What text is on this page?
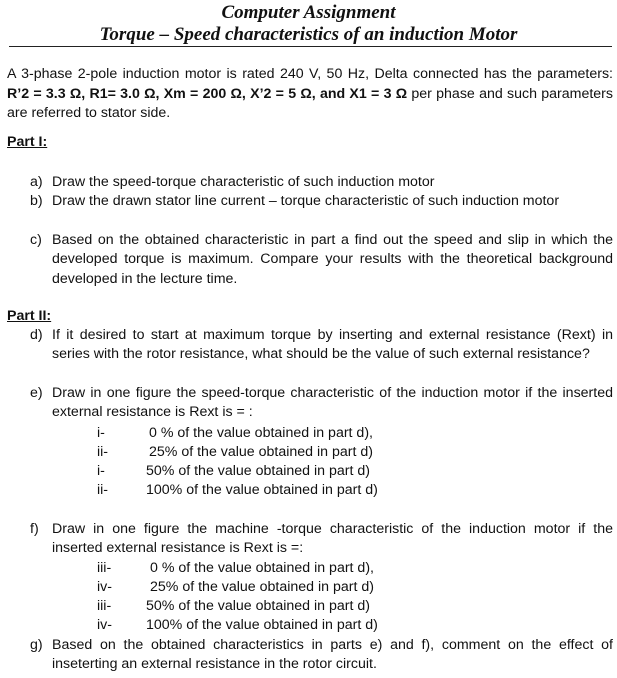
Computer Assignment
Torque – Speed characteristics of an induction Motor
A 3-phase 2-pole induction motor is rated 240 V, 50 Hz, Delta connected has the parameters: R’2 = 3.3 Ω, R1= 3.0 Ω, Xm = 200 Ω, X’2 = 5 Ω, and X1 = 3 Ω per phase and such parameters are referred to stator side.
Part I:
a) Draw the speed-torque characteristic of such induction motor
b) Draw the drawn stator line current – torque characteristic of such induction motor
c) Based on the obtained characteristic in part a find out the speed and slip in which the developed torque is maximum. Compare your results with the theoretical background developed in the lecture time.
Part II:
d) If it desired to start at maximum torque by inserting and external resistance (Rext) in series with the rotor resistance, what should be the value of such external resistance?
e) Draw in one figure the speed-torque characteristic of the induction motor if the inserted external resistance is Rext is = :
i-	0 % of the value obtained in part d),
ii-	25% of the value obtained in part d)
i-	50% of the value obtained in part d)
ii-	100% of the value obtained in part d)
f) Draw in one figure the machine -torque characteristic of the induction motor if the inserted external resistance is Rext is =:
iii-	0 % of the value obtained in part d),
iv-	25% of the value obtained in part d)
iii- 50% of the value obtained in part d)
iv- 100% of the value obtained in part d)
g) Based on the obtained characteristics in parts e) and f), comment on the effect of inseterting an external resistance in the rotor circuit.
